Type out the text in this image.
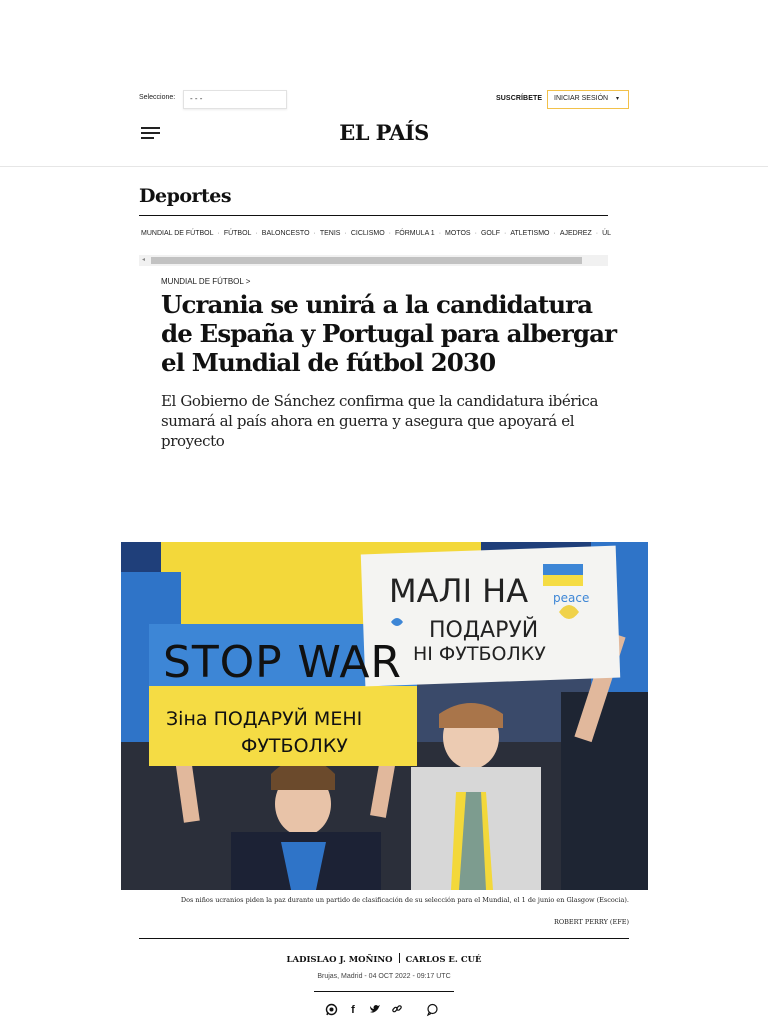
Seleccione:	- - -	SUSCRÍBETE	INICIAR SESIÓN ▾
EL PAÍS
Deportes
MUNDIAL DE FÚTBOL · FÚTBOL · BALONCESTO · TENIS · CICLISMO · FÓRMULA 1 · MOTOS · GOLF · ATLETISMO · AJEDREZ · ÚL
◂
MUNDIAL DE FÚTBOL >
Ucrania se unirá a la candidatura de España y Portugal para albergar el Mundial de fútbol 2030

El Gobierno de Sánchez confirma que la candidatura ibérica sumará al país ahora en guerra y asegura que apoyará el proyecto

STOP WAR
Зіна ПОДАРУЙ МЕНІ
ФУТБОЛКУ
МАЛІ НА peace
ПОДАРУЙ
НІ ФУТБОЛКУ

Dos niños ucranios piden la paz durante un partido de clasificación de su selección para el Mundial, el 1 de junio en Glasgow (Escocia).

ROBERT PERRY (EFE)

LADISLAO J. MOÑINO CARLOS E. CUÉ
Brujas, Madrid - 04 OCT 2022 - 09:17 UTC
f
